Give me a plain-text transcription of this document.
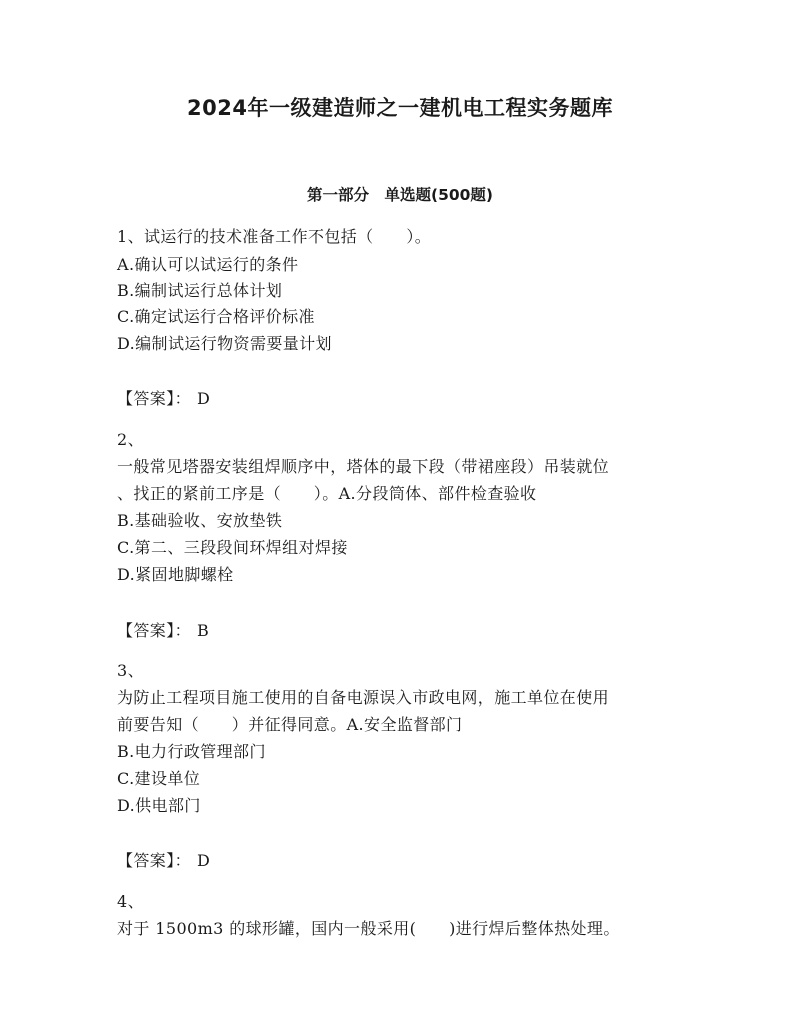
2024年一级建造师之一建机电工程实务题库
第一部分　单选题(500题)
1、试运行的技术准备工作不包括（　　）。
A.确认可以试运行的条件
B.编制试运行总体计划
C.确定试运行合格评价标准
D.编制试运行物资需要量计划
【答案】： D
2、
一般常见塔器安装组焊顺序中，塔体的最下段（带裙座段）吊装就位
、找正的紧前工序是（　　）。A.分段筒体、部件检查验收
B.基础验收、安放垫铁
C.第二、三段段间环焊组对焊接
D.紧固地脚螺栓
【答案】： B
3、
为防止工程项目施工使用的自备电源误入市政电网，施工单位在使用
前要告知（　　）并征得同意。A.安全监督部门
B.电力行政管理部门
C.建设单位
D.供电部门
【答案】： D
4、
对于 1500m3 的球形罐，国内一般采用(　　)进行焊后整体热处理。
